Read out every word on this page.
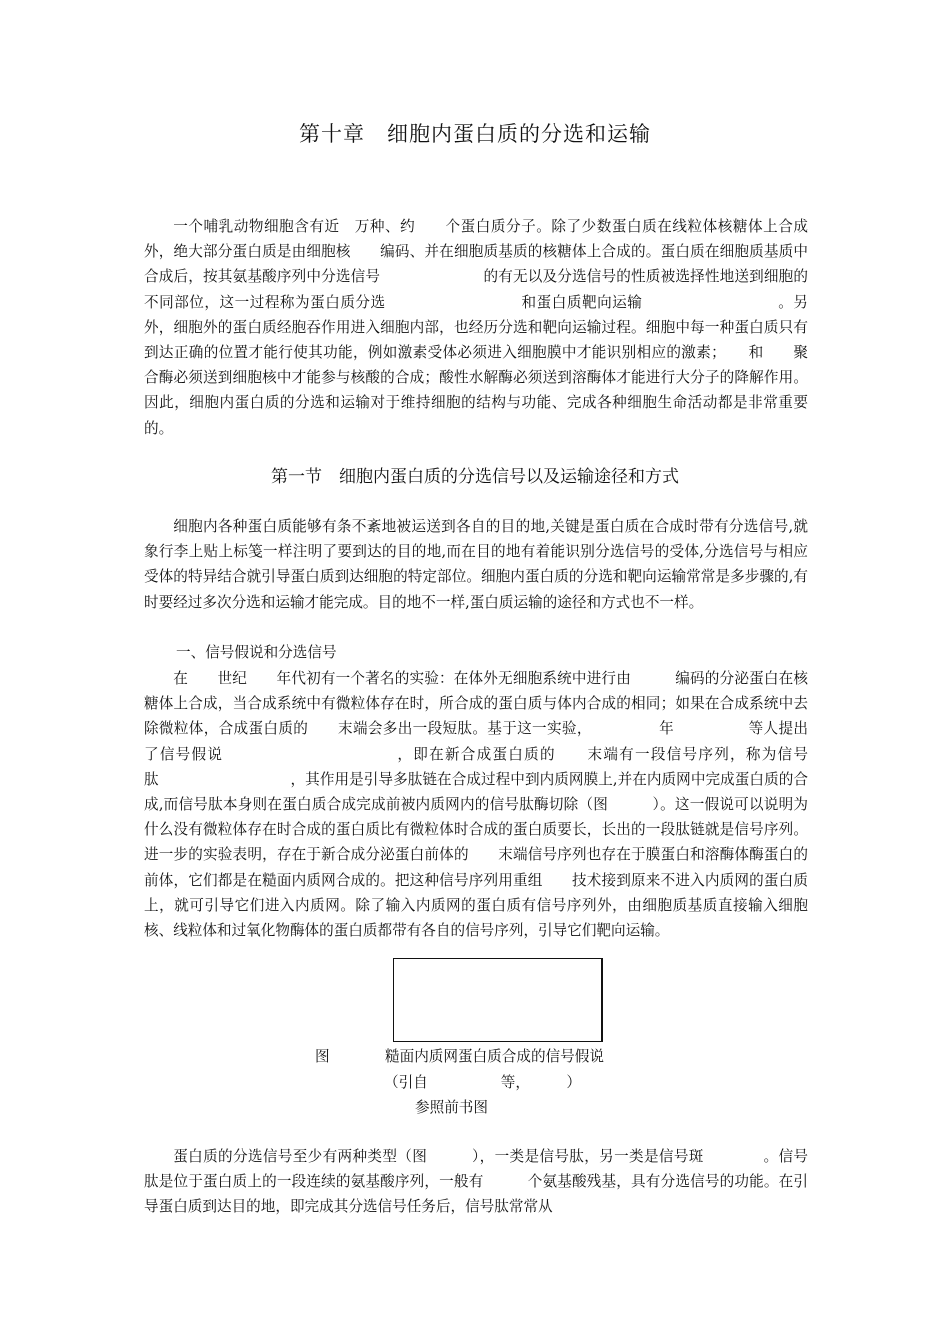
第十章　细胞内蛋白质的分选和运输

一个哺乳动物细胞含有近　万种、约　　个蛋白质分子。除了少数蛋白质在线粒体核糖体上合成外，绝大部分蛋白质是由细胞核　　编码、并在细胞质基质的核糖体上合成的。蛋白质在细胞质基质中合成后，按其氨基酸序列中分选信号　　　　　　　的有无以及分选信号的性质被选择性地送到细胞的不同部位，这一过程称为蛋白质分选　　　　　　　　　和蛋白质靶向运输　　　　　　　　　。另外，细胞外的蛋白质经胞吞作用进入细胞内部，也经历分选和靶向运输过程。细胞中每一种蛋白质只有到达正确的位置才能行使其功能，例如激素受体必须进入细胞膜中才能识别相应的激素；　　和　　聚合酶必须送到细胞核中才能参与核酸的合成；酸性水解酶必须送到溶酶体才能进行大分子的降解作用。因此，细胞内蛋白质的分选和运输对于维持细胞的结构与功能、完成各种细胞生命活动都是非常重要的。

第一节　细胞内蛋白质的分选信号以及运输途径和方式

细胞内各种蛋白质能够有条不紊地被运送到各自的目的地,关键是蛋白质在合成时带有分选信号,就象行李上贴上标笺一样注明了要到达的目的地,而在目的地有着能识别分选信号的受体,分选信号与相应受体的特异结合就引导蛋白质到达细胞的特定部位。细胞内蛋白质的分选和靶向运输常常是多步骤的,有时要经过多次分选和运输才能完成。目的地不一样,蛋白质运输的途径和方式也不一样。

一、信号假说和分选信号

在　　世纪　　年代初有一个著名的实验：在体外无细胞系统中进行由　　　编码的分泌蛋白在核糖体上合成，当合成系统中有微粒体存在时，所合成的蛋白质与体内合成的相同；如果在合成系统中去除微粒体，合成蛋白质的　　末端会多出一段短肽。基于这一实验，　　　　　年　　　　　等人提出了信号假说　　　　　　　　　　　，即在新合成蛋白质的　　末端有一段信号序列，称为信号肽　　　　　　　　　，其作用是引导多肽链在合成过程中到内质网膜上,并在内质网中完成蛋白质的合成,而信号肽本身则在蛋白质合成完成前被内质网内的信号肽酶切除（图　　　）。这一假说可以说明为什么没有微粒体存在时合成的蛋白质比有微粒体时合成的蛋白质要长，长出的一段肽链就是信号序列。进一步的实验表明，存在于新合成分泌蛋白前体的　　末端信号序列也存在于膜蛋白和溶酶体酶蛋白的前体，它们都是在糙面内质网合成的。把这种信号序列用重组　　技术接到原来不进入内质网的蛋白质上，就可引导它们进入内质网。除了输入内质网的蛋白质有信号序列外，由细胞质基质直接输入细胞核、线粒体和过氧化物酶体的蛋白质都带有各自的信号序列，引导它们靶向运输。

图	糙面内质网蛋白质合成的信号假说

（引自　　　　　等，　　　）

参照前书图

蛋白质的分选信号至少有两种类型（图　　　），一类是信号肽，另一类是信号斑　　　　。信号肽是位于蛋白质上的一段连续的氨基酸序列，一般有　　　个氨基酸残基，具有分选信号的功能。在引导蛋白质到达目的地，即完成其分选信号任务后，信号肽常常从
